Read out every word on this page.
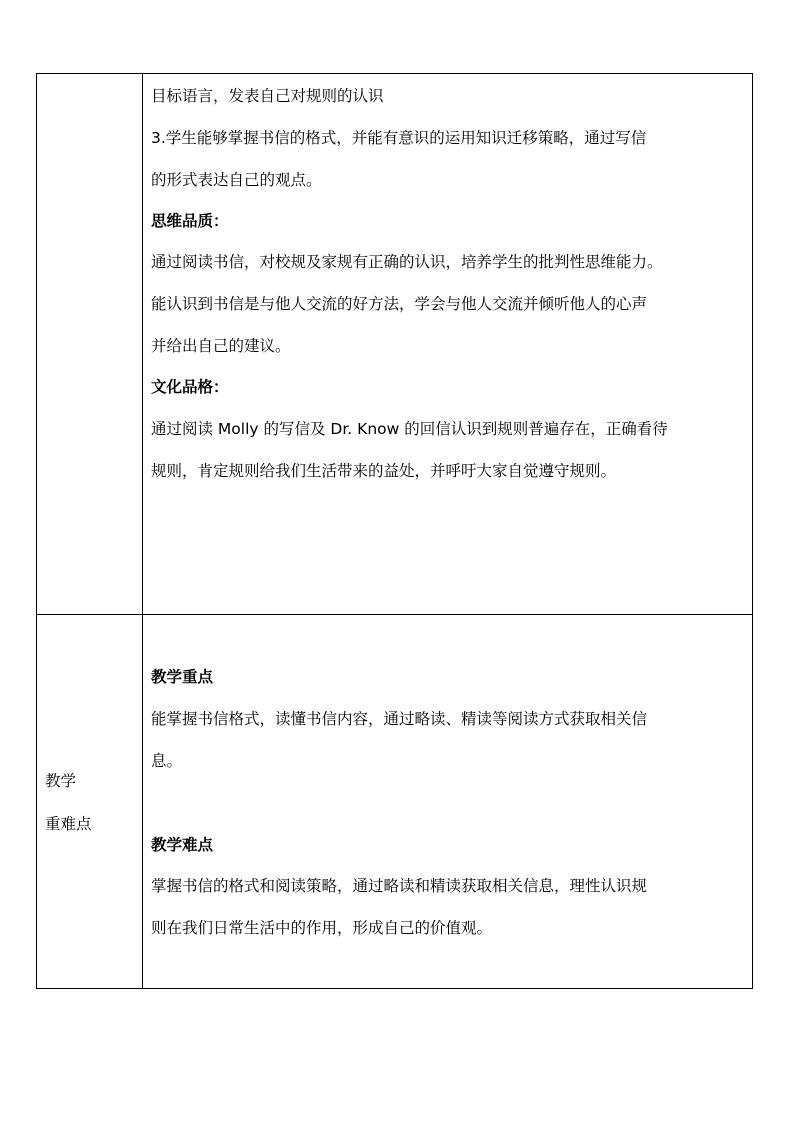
目标语言，发表自己对规则的认识
3.学生能够掌握书信的格式，并能有意识的运用知识迁移策略，通过写信
的形式表达自己的观点。
思维品质：
通过阅读书信，对校规及家规有正确的认识，培养学生的批判性思维能力。
能认识到书信是与他人交流的好方法，学会与他人交流并倾听他人的心声
并给出自己的建议。
文化品格：
通过阅读 Molly 的写信及 Dr. Know 的回信认识到规则普遍存在，正确看待
规则，肯定规则给我们生活带来的益处，并呼吁大家自觉遵守规则。
教学
重难点
教学重点
能掌握书信格式，读懂书信内容，通过略读、精读等阅读方式获取相关信
息。
教学难点
掌握书信的格式和阅读策略，通过略读和精读获取相关信息，理性认识规
则在我们日常生活中的作用，形成自己的价值观。
